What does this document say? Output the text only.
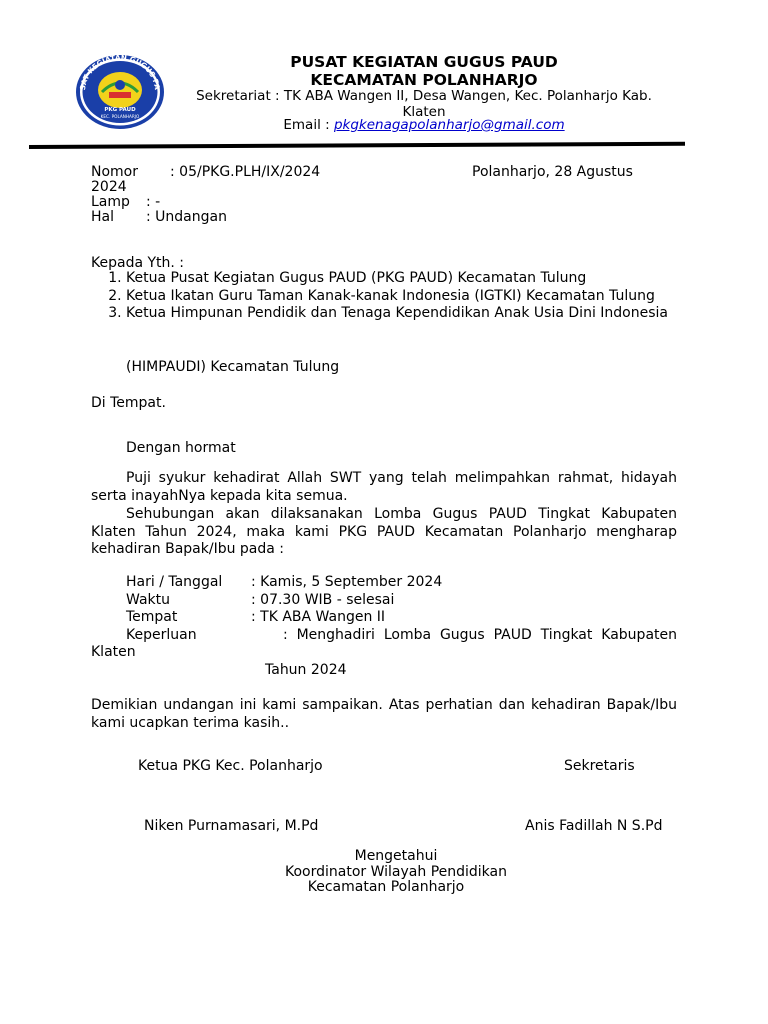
SAT KEGIATAN GUGUS PA
PKG PAUD
KEC. POLANHARJO
PUSAT KEGIATAN GUGUS PAUD
KECAMATAN POLANHARJO
Sekretariat : TK ABA Wangen II, Desa Wangen, Kec. Polanharjo Kab. Klaten
Email : pkgkenagapolanharjo@gmail.com
Nomor : 05/PKG.PLH/IX/2024	Polanharjo, 28 Agustus
2024
Lamp : -
Hal : Undangan
Kepada Yth. :
1. Ketua Pusat Kegiatan Gugus PAUD (PKG PAUD) Kecamatan Tulung
2. Ketua Ikatan Guru Taman Kanak-kanak Indonesia (IGTKI) Kecamatan Tulung
3. Ketua Himpunan Pendidik dan Tenaga Kependidikan Anak Usia Dini Indonesia
(HIMPAUDI) Kecamatan Tulung
Di Tempat.
Dengan hormat
Puji syukur kehadirat Allah SWT yang telah melimpahkan rahmat, hidayah serta inayahNya kepada kita semua.
Sehubungan akan dilaksanakan Lomba Gugus PAUD Tingkat Kabupaten Klaten Tahun 2024, maka kami PKG PAUD Kecamatan Polanharjo mengharap kehadiran Bapak/Ibu pada :
Hari / Tanggal : Kamis, 5 September 2024
Waktu	: 07.30 WIB - selesai
Tempat	: TK ABA Wangen II
Keperluan	:  Menghadiri  Lomba  Gugus  PAUD  Tingkat  Kabupaten
Klaten
Tahun 2024
Demikian undangan ini kami sampaikan. Atas perhatian dan kehadiran Bapak/Ibu kami ucapkan terima kasih..
Ketua PKG Kec. Polanharjo	Sekretaris
Niken Purnamasari, M.Pd	Anis Fadillah N S.Pd
Mengetahui
Koordinator Wilayah Pendidikan
Kecamatan Polanharjo
